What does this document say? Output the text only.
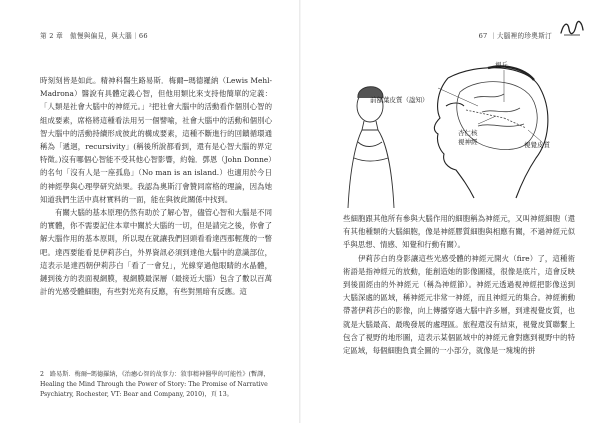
第 2 章　傲慢與偏見，與大腦｜66

時刻刻皆是如此。精神科醫生路易斯．梅爾─瑪德羅納（Lewis Mehl-Madrona）醫說有具體定義心智，但他用類比來支持他簡單的定義：「人類是社會大腦中的神經元。」²把社會大腦中的活動看作個別心智的組成要素，席格將這種看法用另一個譬喻，社會大腦中的活動和個別心智大腦中的活動持續形成彼此的構成要素，這種不斷進行的回饋循環通稱為「遞迴，recursivity」(稱後所說都看到，還有是心智大腦的界定特徵。)沒有哪個心智能不受其他心智影響，約翰．鄧恩（John Donne）的名句「沒有人是一座孤島」（No man is an island.）也適用於今日的神經學與心理學研究結果。我認為奧斯汀會贊同席格的理論，因為她知道我們生活中真材實料的一面，能在與彼此關係中找到。

有關大腦的基本原理仍然有助於了解心智，儘管心智和大腦是不同的實體，你不需要記住本章中關於大腦的一切，但是請完之後，你會了解大腦作用的基本原則，所以現在就讓我們回頭看看達西那輕蔑的一瞥吧。達西要能看見伊莉莎白，外界資訊必須到達他大腦中的意識部位，這表示是達西朝伊莉莎白「看了一會兒」，光線穿過他眼睛的水晶體，鏈到後方的表面視網膜，視網膜最深層（最接近大腦）包含了數以百萬計的光感受體細胞，有些對光亮有反應，有些對黑暗有反應。這

2 路易斯．梅爾─瑪德羅納，《治癒心智的故事力：敘事精神醫學的可能性》(暫譯，Healing the Mind Through the Power of Story: The Promise of Narrative Psychiatry, Rochester, VT: Bear and Company, 2010)，頁 13。
67 ｜大腦裡的珍奧斯汀
視丘
前額葉皮質（諡知）
杏仁核
視神經	視覺皮質

些細胞跟其他所有參與大腦作用的細胞稱為神經元，又叫神經細胞（還有其他種類的大腦細胞，像是神經膠質細胞與相應有關，不過神經元似乎與思想、情感、知覺和行動有關）。

伊莉莎白的身影讓這些光感受體的神經元開火（fire）了，這種術術語是指神經元的放動，能創造她的影像圖樣，很像是底片，這會反映到後面經由的外神經元（稱為神經節）。神經元透過視神經把影像送到大腦深處的區域，稱神經元非常一神經，而且神經元的集合。神經衝動帶著伊莉莎白的影像，向上傳播穿過大腦中許多層，到達視覺皮質，也就是大腦最高、最晚發展的處理區。旅程還沒有結束，視覺皮質聯繫上包含了視野的地形圖，這表示某個區域中的神經元會對應到視野中的特定區域，每個細胞負責全圖的一小部分，就像是一塊塊的拼
